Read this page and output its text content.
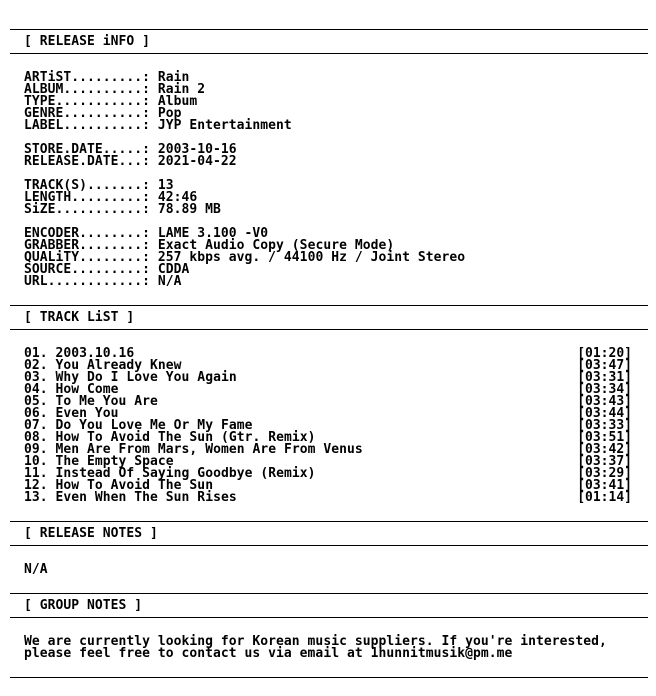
[ RELEASE iNFO ]
ARTiST.........: Rain
ALBUM..........: Rain 2
TYPE...........: Album
GENRE..........: Pop
LABEL..........: JYP Entertainment
STORE.DATE.....: 2003-10-16
RELEASE.DATE...: 2021-04-22
TRACK(S).......: 13
LENGTH.........: 42:46
SiZE...........: 78.89 MB
ENCODER........: LAME 3.100 -V0
GRABBER........: Exact Audio Copy (Secure Mode)
QUALiTY........: 257 kbps avg. / 44100 Hz / Joint Stereo
SOURCE.........: CDDA
URL............: N/A
[ TRACK LiST ]
01. 2003.10.16	[01:20]
02. You Already Knew	[03:47]
03. Why Do I Love You Again	[03:31]
04. How Come	[03:34]
05. To Me You Are	[03:43]
06. Even You	[03:44]
07. Do You Love Me Or My Fame	[03:33]
08. How To Avoid The Sun (Gtr. Remix)	[03:51]
09. Men Are From Mars, Women Are From Venus	[03:42]
10. The Empty Space	[03:37]
11. Instead Of Saying Goodbye (Remix)	[03:29]
12. How To Avoid The Sun	[03:41]
13. Even When The Sun Rises	[01:14]
[ RELEASE NOTES ]
N/A
[ GROUP NOTES ]
We are currently looking for Korean music suppliers. If you're interested,
please feel free to contact us via email at 1hunnitmusik@pm.me
